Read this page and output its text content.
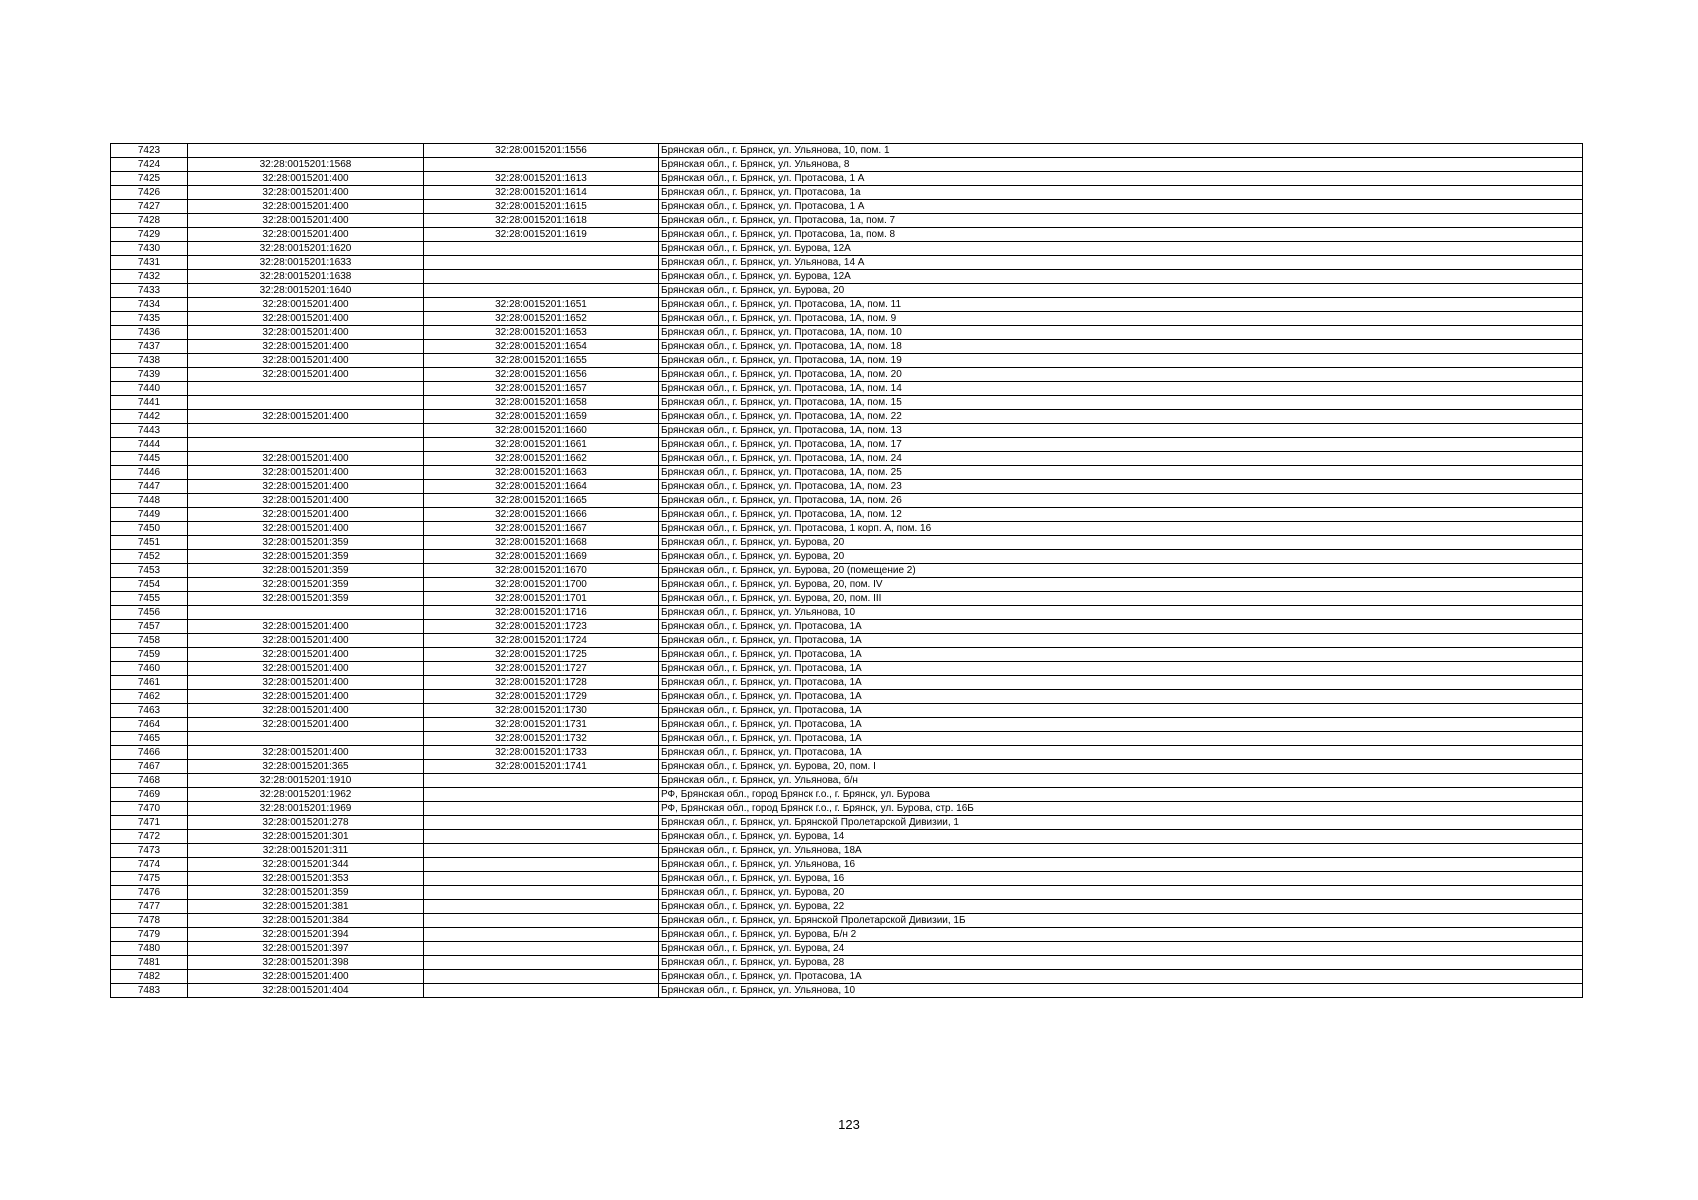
7423		32:28:0015201:1556	Брянская обл., г. Брянск, ул. Ульянова, 10, пом. 1
7424	32:28:0015201:1568		Брянская обл., г. Брянск, ул. Ульянова, 8
7425	32:28:0015201:400	32:28:0015201:1613	Брянская обл., г. Брянск, ул. Протасова, 1 А
7426	32:28:0015201:400	32:28:0015201:1614	Брянская обл., г. Брянск, ул. Протасова, 1а
7427	32:28:0015201:400	32:28:0015201:1615	Брянская обл., г. Брянск, ул. Протасова, 1 А
7428	32:28:0015201:400	32:28:0015201:1618	Брянская обл., г. Брянск, ул. Протасова, 1а, пом. 7
7429	32:28:0015201:400	32:28:0015201:1619	Брянская обл., г. Брянск, ул. Протасова, 1а, пом. 8
7430	32:28:0015201:1620		Брянская обл., г. Брянск, ул. Бурова, 12А
7431	32:28:0015201:1633		Брянская обл., г. Брянск, ул. Ульянова, 14 А
7432	32:28:0015201:1638		Брянская обл., г. Брянск, ул. Бурова, 12А
7433	32:28:0015201:1640		Брянская обл., г. Брянск, ул. Бурова, 20
7434	32:28:0015201:400	32:28:0015201:1651	Брянская обл., г. Брянск, ул. Протасова, 1А, пом. 11
7435	32:28:0015201:400	32:28:0015201:1652	Брянская обл., г. Брянск, ул. Протасова, 1А, пом. 9
7436	32:28:0015201:400	32:28:0015201:1653	Брянская обл., г. Брянск, ул. Протасова, 1А, пом. 10
7437	32:28:0015201:400	32:28:0015201:1654	Брянская обл., г. Брянск, ул. Протасова, 1А, пом. 18
7438	32:28:0015201:400	32:28:0015201:1655	Брянская обл., г. Брянск, ул. Протасова, 1А, пом. 19
7439	32:28:0015201:400	32:28:0015201:1656	Брянская обл., г. Брянск, ул. Протасова, 1А, пом. 20
7440		32:28:0015201:1657	Брянская обл., г. Брянск, ул. Протасова, 1А, пом. 14
7441		32:28:0015201:1658	Брянская обл., г. Брянск, ул. Протасова, 1А, пом. 15
7442	32:28:0015201:400	32:28:0015201:1659	Брянская обл., г. Брянск, ул. Протасова, 1А, пом. 22
7443		32:28:0015201:1660	Брянская обл., г. Брянск, ул. Протасова, 1А, пом. 13
7444		32:28:0015201:1661	Брянская обл., г. Брянск, ул. Протасова, 1А, пом. 17
7445	32:28:0015201:400	32:28:0015201:1662	Брянская обл., г. Брянск, ул. Протасова, 1А, пом. 24
7446	32:28:0015201:400	32:28:0015201:1663	Брянская обл., г. Брянск, ул. Протасова, 1А, пом. 25
7447	32:28:0015201:400	32:28:0015201:1664	Брянская обл., г. Брянск, ул. Протасова, 1А, пом. 23
7448	32:28:0015201:400	32:28:0015201:1665	Брянская обл., г. Брянск, ул. Протасова, 1А, пом. 26
7449	32:28:0015201:400	32:28:0015201:1666	Брянская обл., г. Брянск, ул. Протасова, 1А, пом. 12
7450	32:28:0015201:400	32:28:0015201:1667	Брянская обл., г. Брянск, ул. Протасова, 1 корп. А, пом. 16
7451	32:28:0015201:359	32:28:0015201:1668	Брянская обл., г. Брянск, ул. Бурова, 20
7452	32:28:0015201:359	32:28:0015201:1669	Брянская обл., г. Брянск, ул. Бурова, 20
7453	32:28:0015201:359	32:28:0015201:1670	Брянская обл., г. Брянск, ул. Бурова, 20 (помещение 2)
7454	32:28:0015201:359	32:28:0015201:1700	Брянская обл., г. Брянск, ул. Бурова, 20, пом. IV
7455	32:28:0015201:359	32:28:0015201:1701	Брянская обл., г. Брянск, ул. Бурова, 20, пом. III
7456		32:28:0015201:1716	Брянская обл., г. Брянск, ул. Ульянова, 10
7457	32:28:0015201:400	32:28:0015201:1723	Брянская обл., г. Брянск, ул. Протасова, 1А
7458	32:28:0015201:400	32:28:0015201:1724	Брянская обл., г. Брянск, ул. Протасова, 1А
7459	32:28:0015201:400	32:28:0015201:1725	Брянская обл., г. Брянск, ул. Протасова, 1А
7460	32:28:0015201:400	32:28:0015201:1727	Брянская обл., г. Брянск, ул. Протасова, 1А
7461	32:28:0015201:400	32:28:0015201:1728	Брянская обл., г. Брянск, ул. Протасова, 1А
7462	32:28:0015201:400	32:28:0015201:1729	Брянская обл., г. Брянск, ул. Протасова, 1А
7463	32:28:0015201:400	32:28:0015201:1730	Брянская обл., г. Брянск, ул. Протасова, 1А
7464	32:28:0015201:400	32:28:0015201:1731	Брянская обл., г. Брянск, ул. Протасова, 1А
7465		32:28:0015201:1732	Брянская обл., г. Брянск, ул. Протасова, 1А
7466	32:28:0015201:400	32:28:0015201:1733	Брянская обл., г. Брянск, ул. Протасова, 1А
7467	32:28:0015201:365	32:28:0015201:1741	Брянская обл., г. Брянск, ул. Бурова, 20, пом. I
7468	32:28:0015201:1910		Брянская обл., г. Брянск, ул. Ульянова, б/н
7469	32:28:0015201:1962		РФ, Брянская обл., город Брянск г.о., г. Брянск, ул. Бурова
7470	32:28:0015201:1969		РФ, Брянская обл., город Брянск г.о., г. Брянск, ул. Бурова, стр. 16Б
7471	32:28:0015201:278		Брянская обл., г. Брянск, ул. Брянской Пролетарской Дивизии, 1
7472	32:28:0015201:301		Брянская обл., г. Брянск, ул. Бурова, 14
7473	32:28:0015201:311		Брянская обл., г. Брянск, ул. Ульянова, 18А
7474	32:28:0015201:344		Брянская обл., г. Брянск, ул. Ульянова, 16
7475	32:28:0015201:353		Брянская обл., г. Брянск, ул. Бурова, 16
7476	32:28:0015201:359		Брянская обл., г. Брянск, ул. Бурова, 20
7477	32:28:0015201:381		Брянская обл., г. Брянск, ул. Бурова, 22
7478	32:28:0015201:384		Брянская обл., г. Брянск, ул. Брянской Пролетарской Дивизии, 1Б
7479	32:28:0015201:394		Брянская обл., г. Брянск, ул. Бурова, Б/н 2
7480	32:28:0015201:397		Брянская обл., г. Брянск, ул. Бурова, 24
7481	32:28:0015201:398		Брянская обл., г. Брянск, ул. Бурова, 28
7482	32:28:0015201:400		Брянская обл., г. Брянск, ул. Протасова, 1А
7483	32:28:0015201:404		Брянская обл., г. Брянск, ул. Ульянова, 10
123
